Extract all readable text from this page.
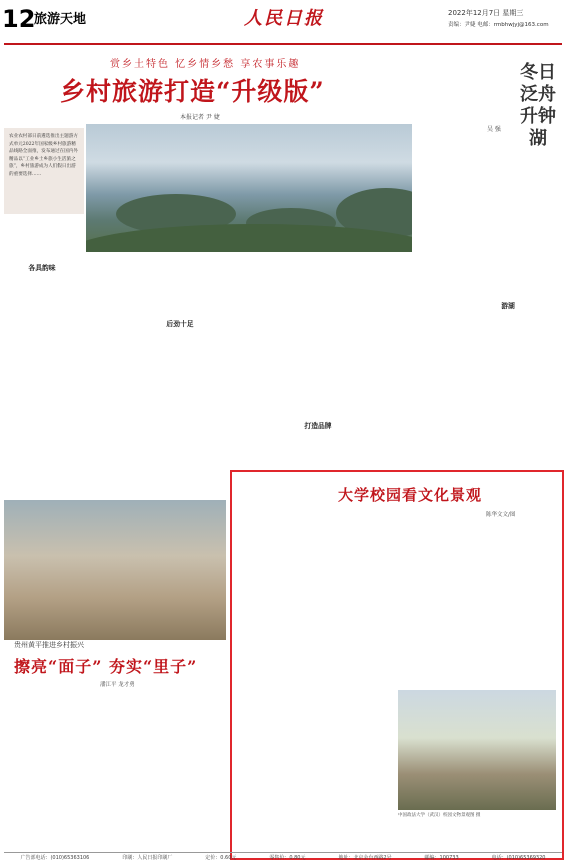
12
旅游天地	人民日报	2022年12月7日 星期三
责编：尹婕 电邮：rmbhwjyj@163.com
赏乡土特色 忆乡情乡愁 享农事乐趣
乡村旅游打造“升级版”
本报记者 尹 婕
农业农村部日前遴选推出主题游方式单元2022年国家级乡村旅游精品线路全面推，发布通过在国内外精品以“工业乡土乡旅小生活旅之旅”，乡村旅游成为人们假日出游的重要选择……
冬日泛舟升钟湖
吴 强
游湖
各具韵味
后劲十足
打造品牌
大学校园看文化景观
陈华文文/图
中国政法大学（武汉）校园文物景观图 摄
贵州黄平推进乡村振兴
擦亮“面子” 夯实“里子”
潘江平 龙才勇
广告部电话：(010)65363106	印刷：人民日报印刷厂	定价：0.60元	零售价：0.80元	地址：北京金台西路2号	邮编：100733	电话：(010)65369320
